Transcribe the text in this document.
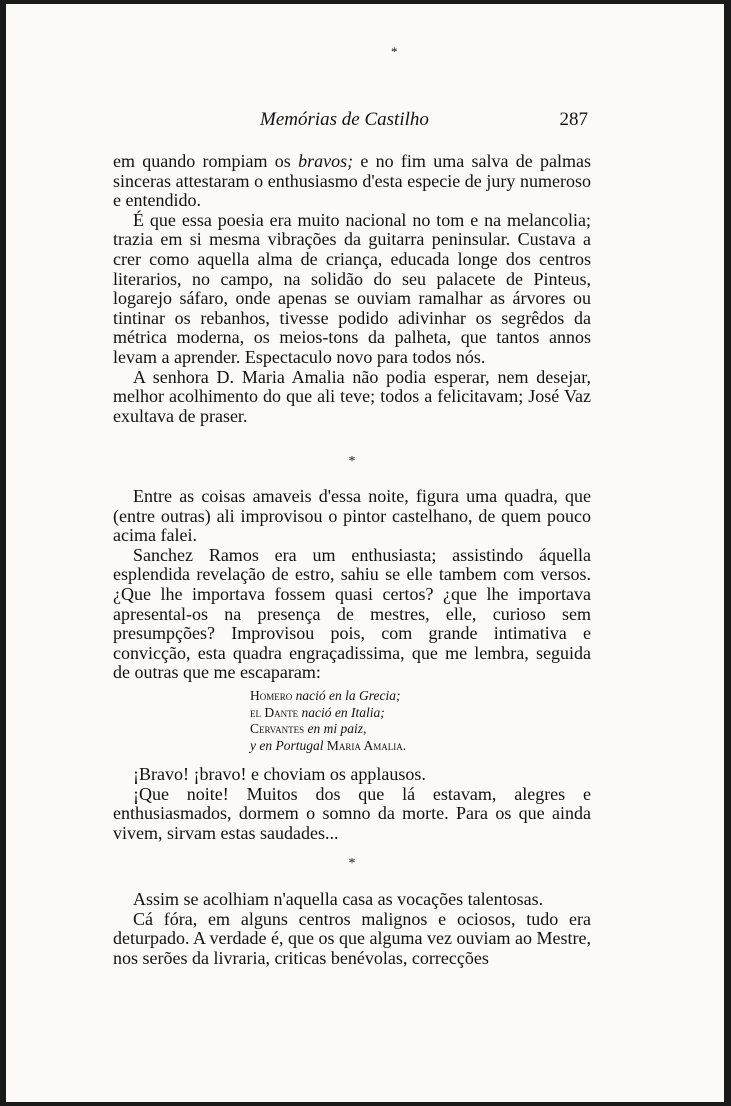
*
Memórias de Castilho	287

em quando rompiam os bravos; e no fim uma salva de palmas sinceras attestaram o enthusiasmo d'esta especie de jury numeroso e entendido.

É que essa poesia era muito nacional no tom e na melancolia; trazia em si mesma vibrações da guitarra peninsular. Custava a crer como aquella alma de criança, educada longe dos centros literarios, no campo, na solidão do seu palacete de Pinteus, logarejo sáfaro, onde apenas se ouviam ramalhar as árvores ou tintinar os rebanhos, tivesse podido adivinhar os segrêdos da métrica moderna, os meios-tons da palheta, que tantos annos levam a aprender. Espectaculo novo para todos nós.

A senhora D. Maria Amalia não podia esperar, nem desejar, melhor acolhimento do que ali teve; todos a felicitavam; José Vaz exultava de praser.

*

Entre as coisas amaveis d'essa noite, figura uma quadra, que (entre outras) ali improvisou o pintor castelhano, de quem pouco acima falei.

Sanchez Ramos era um enthusiasta; assistindo áquella esplendida revelação de estro, sahiu se elle tambem com versos. ¿Que lhe importava fossem quasi certos? ¿que lhe importava apresental-os na presença de mestres, elle, curioso sem presumpções? Improvisou pois, com grande intimativa e convicção, esta quadra engraçadissima, que me lembra, seguida de outras que me escaparam:

Homero nació en la Grecia;
el Dante nació en Italia;
Cervantes en mi paiz,
y en Portugal Maria Amalia.

¡Bravo! ¡bravo! e choviam os applausos.

¡Que noite! Muitos dos que lá estavam, alegres e enthusiasmados, dormem o somno da morte. Para os que ainda vivem, sirvam estas saudades...

*

Assim se acolhiam n'aquella casa as vocações talentosas.

Cá fóra, em alguns centros malignos e ociosos, tudo era deturpado. A verdade é, que os que alguma vez ouviam ao Mestre, nos serões da livraria, criticas benévolas, correcções
